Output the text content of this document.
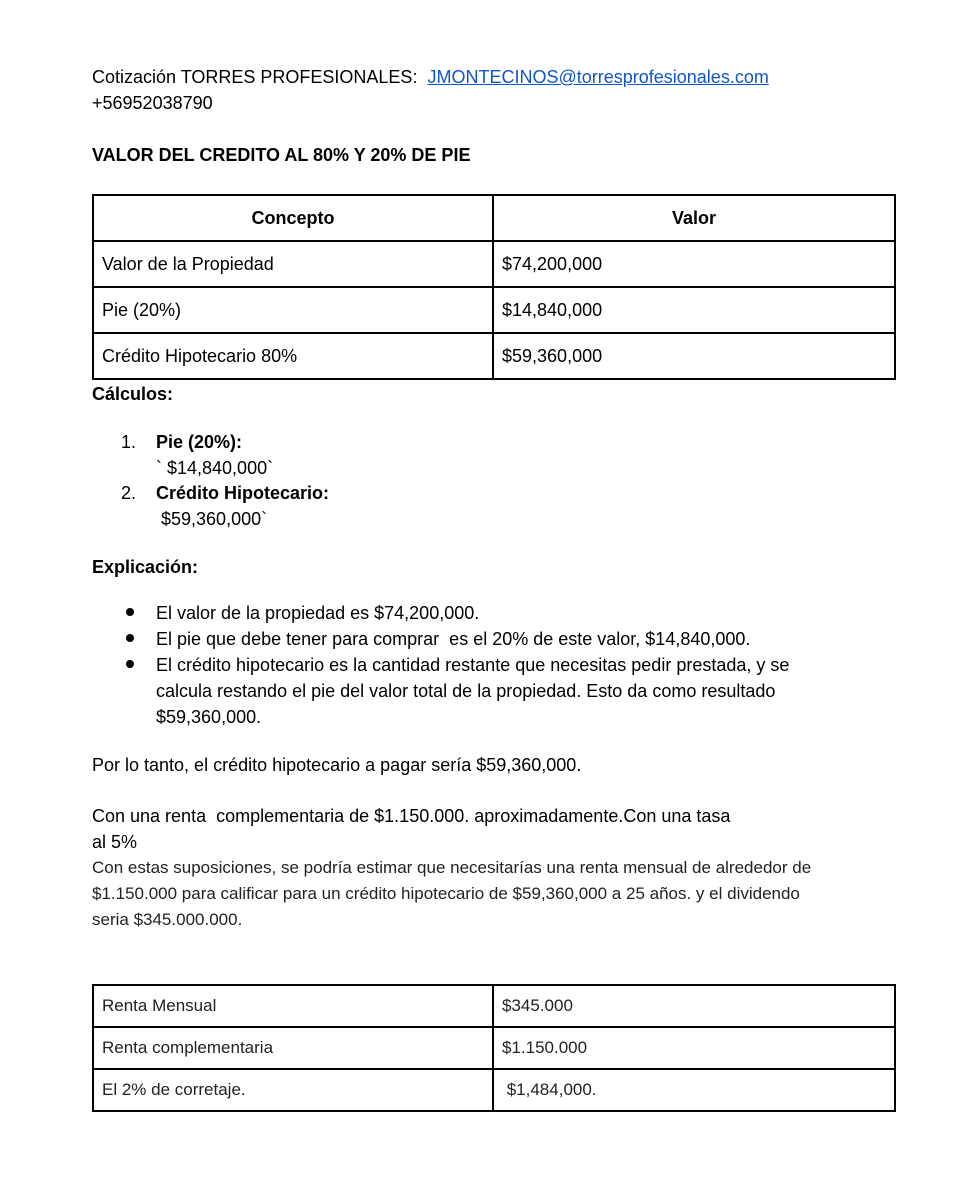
Cotización TORRES PROFESIONALES: JMONTECINOS@torresprofesionales.com
+56952038790
VALOR DEL CREDITO AL 80% Y 20% DE PIE
Concepto	Valor
Valor de la Propiedad	$74,200,000
Pie (20%)	$14,840,000
Crédito Hipotecario 80%	$59,360,000
Cálculos:
1. Pie (20%):
` $14,840,000`
2. Crédito Hipotecario:
$59,360,000`
Explicación:
El valor de la propiedad es $74,200,000.
El pie que debe tener para comprar  es el 20% de este valor, $14,840,000.
El crédito hipotecario es la cantidad restante que necesitas pedir prestada, y se
calcula restando el pie del valor total de la propiedad. Esto da como resultado
$59,360,000.
Por lo tanto, el crédito hipotecario a pagar sería $59,360,000.
Con una renta  complementaria de $1.150.000. aproximadamente.Con una tasa
al 5%
Con estas suposiciones, se podría estimar que necesitarías una renta mensual de alrededor de
$1.150.000 para calificar para un crédito hipotecario de $59,360,000 a 25 años. y el dividendo
seria $345.000.000.
Renta Mensual	$345.000
Renta complementaria	$1.150.000
El 2% de corretaje.	$1,484,000.
